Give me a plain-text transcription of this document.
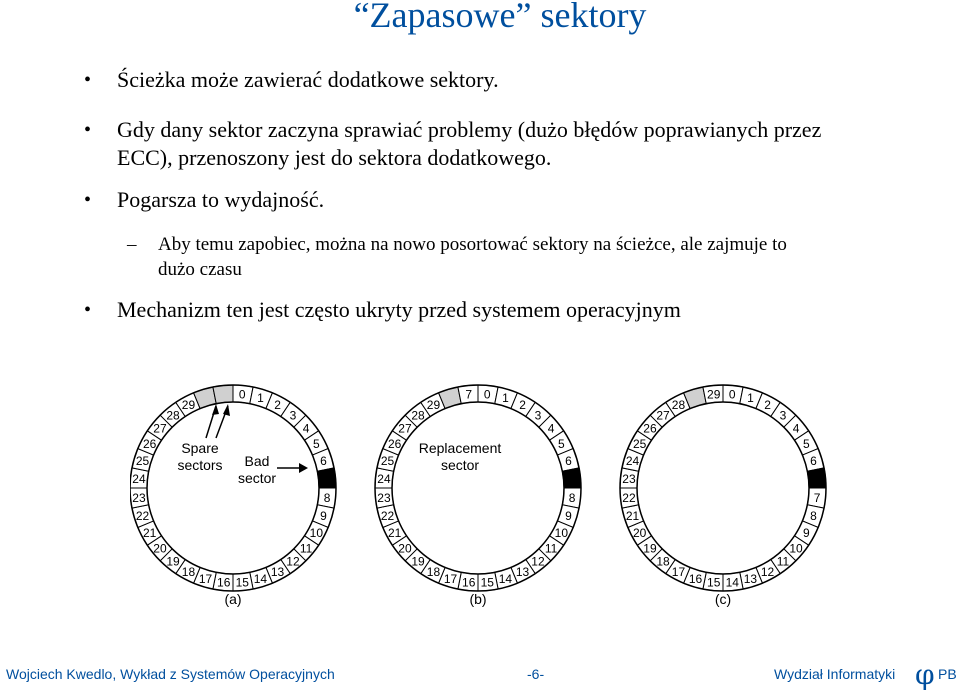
“Zapasowe” sektory
• Ścieżka może zawierać dodatkowe sektory.
• Gdy dany sektor zaczyna sprawiać problemy (dużo błędów poprawianych przez
ECC), przenoszony jest do sektora dodatkowego.
• Pogarsza to wydajność.
– Aby temu zapobiec, można na nowo posortować sektory na ścieżce, ale zajmuje to
dużo czasu
• Mechanizm ten jest często ukryty przed systemem operacyjnym
0 1
2
3
4
5
6
8
9
10
11
12
13
14
15
16
17
18
19
20
21
22
23
24
25
26
27
28
29
0 1
2
3
4
5
6
8
9
10
11
12
13
14
15
16
17
18
19
20
21
22
23
24
25
26
27
28
29
7	0 1
2
3
4
5
6
7
8
9
10
11
12
13
14
15
16
17
18
19
20
21
22
23
24
25
26
27
28
29
(a)	(b)	(c)
Spare
sectors Bad
sector
Replacement
sector
Wojciech Kwedlo, Wykład z Systemów Operacyjnych	-6-	Wydział Informatyki φ PB
